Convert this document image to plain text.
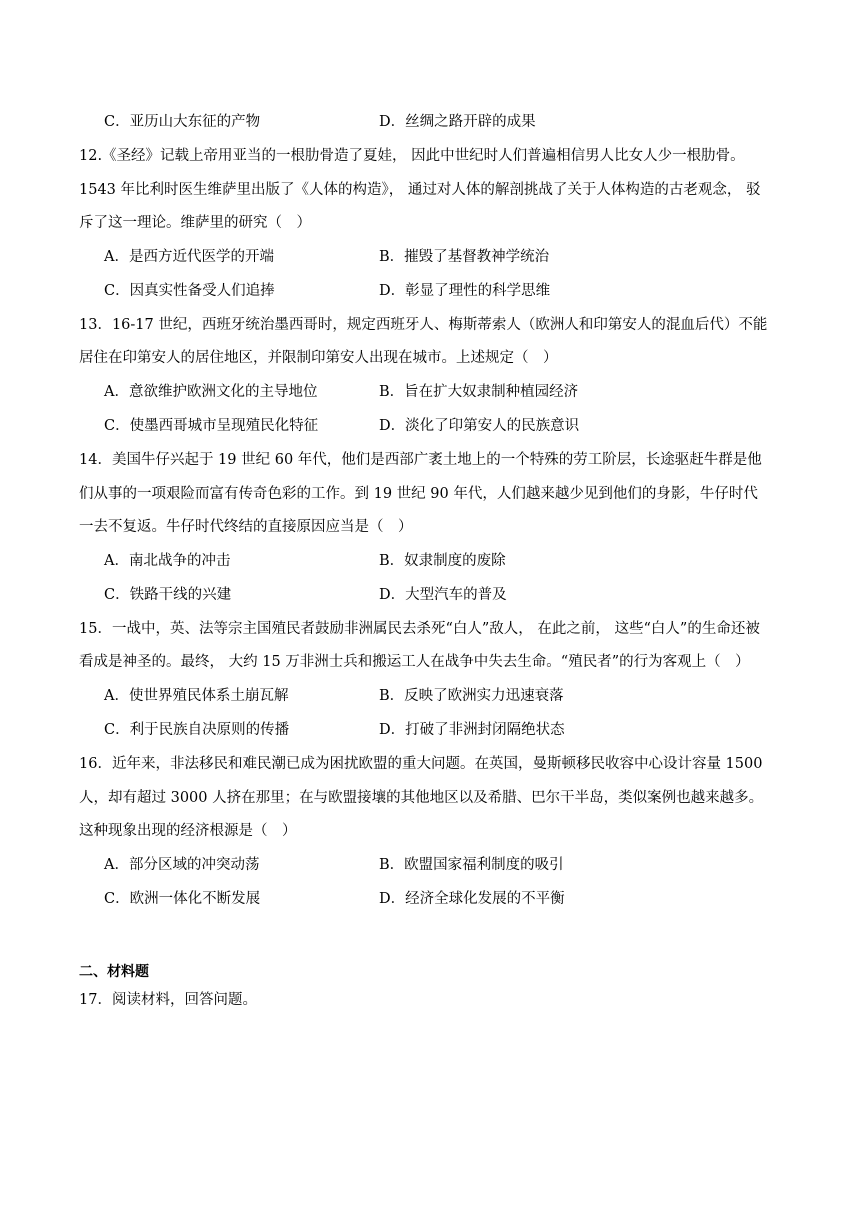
C．亚历山大东征的产物	D．丝绸之路开辟的成果
12.《圣经》记载上帝用亚当的一根肋骨造了夏娃， 因此中世纪时人们普遍相信男人比女人少一根肋骨。
1543 年比利时医生维萨里出版了《人体的构造》， 通过对人体的解剖挑战了关于人体构造的古老观念， 驳
斥了这一理论。维萨里的研究（　）
A．是西方近代医学的开端	B．摧毁了基督教神学统治
C．因真实性备受人们追捧	D．彰显了理性的科学思维
13．16-17 世纪，西班牙统治墨西哥时，规定西班牙人、梅斯蒂索人（欧洲人和印第安人的混血后代）不能
居住在印第安人的居住地区，并限制印第安人出现在城市。上述规定（　）
A．意欲维护欧洲文化的主导地位	B．旨在扩大奴隶制种植园经济
C．使墨西哥城市呈现殖民化特征	D．淡化了印第安人的民族意识
14．美国牛仔兴起于 19 世纪 60 年代，他们是西部广袤土地上的一个特殊的劳工阶层，长途驱赶牛群是他
们从事的一项艰险而富有传奇色彩的工作。到 19 世纪 90 年代，人们越来越少见到他们的身影，牛仔时代
一去不复返。牛仔时代终结的直接原因应当是（　）
A．南北战争的冲击	B．奴隶制度的废除
C．铁路干线的兴建	D．大型汽车的普及
15．一战中，英、法等宗主国殖民者鼓励非洲属民去杀死“白人”敌人， 在此之前， 这些“白人”的生命还被
看成是神圣的。最终， 大约 15 万非洲士兵和搬运工人在战争中失去生命。“殖民者”的行为客观上（　）
A．使世界殖民体系土崩瓦解	B．反映了欧洲实力迅速衰落
C．利于民族自决原则的传播	D．打破了非洲封闭隔绝状态
16．近年来，非法移民和难民潮已成为困扰欧盟的重大问题。在英国，曼斯顿移民收容中心设计容量 1500
人，却有超过 3000 人挤在那里；在与欧盟接壤的其他地区以及希腊、巴尔干半岛，类似案例也越来越多。
这种现象出现的经济根源是（　）
A．部分区域的冲突动荡	B．欧盟国家福利制度的吸引
C．欧洲一体化不断发展	D．经济全球化发展的不平衡
二、材料题
17．阅读材料，回答问题。
